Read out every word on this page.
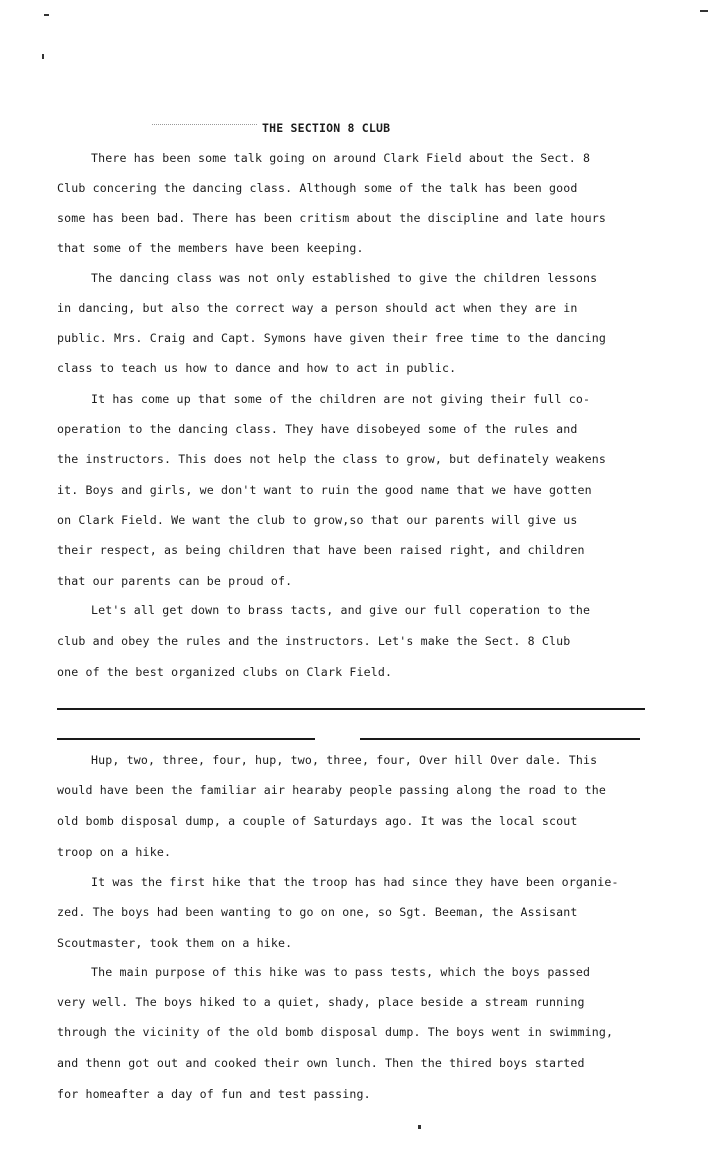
THE SECTION 8 CLUB
There has been some talk going on around Clark Field about the Sect. 8
Club concering the dancing class. Although some of the talk has been good
some has been bad. There has been critism about the discipline and late hours
that some of the members have been keeping.
The dancing class was not only established to give the children lessons
in dancing, but also the correct way a person should act when they are in
public. Mrs. Craig and Capt. Symons have given their free time to the dancing
class to teach us how to dance and how to act in public.
It has come up that some of the children are not giving their full co-
operation to the dancing class. They have disobeyed some of the rules and
the instructors. This does not help the class to grow, but definately weakens
it. Boys and girls, we don't want to ruin the good name that we have gotten
on Clark Field. We want the club to grow,so that our parents will give us
their respect, as being children that have been raised right, and children
that our parents can be proud of.
Let's all get down to brass tacts, and give our full coperation to the
club and obey the rules and the instructors. Let's make the Sect. 8 Club
one of the best organized clubs on Clark Field.
Hup, two, three, four, hup, two, three, four, Over hill Over dale. This
would have been the familiar air hearaby people passing along the road to the
old bomb disposal dump, a couple of Saturdays ago. It was the local scout
troop on a hike.
It was the first hike that the troop has had since they have been organie-
zed. The boys had been wanting to go on one, so Sgt. Beeman, the Assisant
Scoutmaster, took them on a hike.
The main purpose of this hike was to pass tests, which the boys passed
very well. The boys hiked to a quiet, shady, place beside a stream running
through the vicinity of the old bomb disposal dump. The boys went in swimming,
and thenn got out and cooked their own lunch. Then the thired boys started
for homeafter a day of fun and test passing.
